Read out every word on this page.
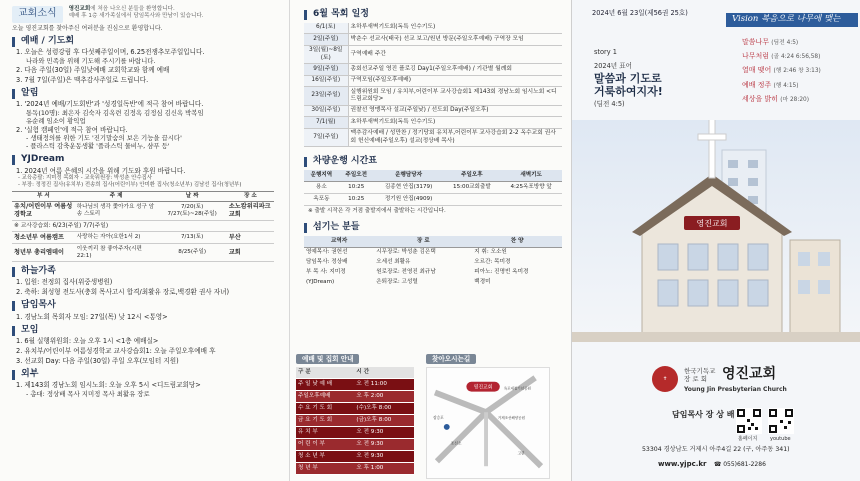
교회소식	영진교회에 처음 나오신 분들을 환영합니다.
예배 후 1층 새가족실에서 담임목사와 만남이 있습니다.
오늘 영진교회를 찾아주신 여러분을 진심으로 환영합니다.
예배 / 기도회
1. 오늘은 성령강림 후 다섯째주일이며, 6.25전쟁추모주일입니다.
나라와 민족을 위해 기도해 주시기를 바랍니다.
2. 다음 주일(30일) 주일낮예배 교회학교와 함께 예배
3. 7월 7일(주일)은 맥추감사주일로 드립니다.
알림
1. '2024년 예배/기도회반'과 '성경일독반'에 적극 참여 바랍니다.
통독(10명): 최은자 김숙자 김옥련 김정옥 김정심 김신옥 박복임
유순례 임소이 황익업
2. '실험 캠페인'에 적극 참여 바랍니다.
- 생태정의를 위한 기도 '진기말숨의 보은 기능을 끕시다'
- 플라스틱 감축운동생활 '플라스틱 물비누, 샴푸 등'
YJDream
1. 2024년 여름 은혜의 시간을 위해 기도와 후원 바랍니다.
- 교육총괄: 지미정 목회자 - 교육위원장: 박성춘 안수집사
- 부장: 정정진 집사(유치부) 전송희 집사(어린이부) 안미환 집사(청소년부) 김남선 집사(청년부)
부 서	주 제	날 짜	장 소
유치/어린이부 여름성경학교	하나님의 생각 쫓아가요 성구 암송 스토리	7/20(토) 7/27(토)~28(주일)	소노캄위리파크 교회
※ 교사강습회: 6/23(주일) 7/7(주일)			
청소년부 여름캠프	사랑하는 자아(요한1서 2)	7/13(토)	부산
청년부 총리엠데이	이웃끼리 참 좋아주자(시편 22:1)	8/25(주일)	교회
하늘가족
1. 입원: 전정희 집사(위중생병원)
2. 축하: 최성형 전도사(충회 목사고시 합격/최활유 장로,백경환 권사 자녀)
담임목사
1. 경남노회 목회자 모임: 27일(목) 낮 12시 <통영>
모임
1. 6월 실행위원회: 오늘 오후 1시 <1층 예배실>
2. 유치부/어린이부 여름성경학교 교사강습회1: 오늘 주일오후예배 후
3. 선교회 Day: 다음 주일(30일) 주일 오후(모임터 지원)
외부
1. 제143회 경남노회 임시노회: 오늘 오후 5시 <디드림교회당>
- 총대: 정상배 목사 지미정 목사 최활유 장로
6월 목회 일정
6/1(토)	초하루새벽기도회(독특 인수기도)
2일(주일)	박춘수 선교사(태국) 선교 보고/원년 방문(주일오후예배) 구역장 모임
3일(월)~8일(토)	구역예배 주간
9일(주일)	총회선교주일 영진 플로깅 Day1(주일오후예배) / 기관별 월례회
16일(주일)	구역모임(주일오후예배)
23일(주일)	실행위원회 모임 / 유치부,어린이부 교사강습회1 제143회 경남노회 임시노회 <디드림교회당>
30일(주일)	권찰선 영맹목사 설교(주일낮) / 선도회 Day(주일오후)
7/1(월)	초하루새벽기도회(독특 인수기도)
7일(주일)	맥추감사예배 / 성만찬 / 정기당회 유치부,어린이부 교사강습회 2-2 옥수교회 권사회 헌신예배(주일오후) 설교(정상배 목사)
차량운행 시간표
운행지역	주일오전	운행담당자	주일오후	새벽기도
용소	10:25	김종현 안집(3179)	15:00교회출발	4:25옥포방향 앞
옥포동	10:25	정기원 안집(4909)		
※ 출발 시작은 각 거점 출발지에서 출발하는 시간입니다.
섬기는 분들
교역자	장 로	찬 양
영예목사: 권헌선	시무장로: 박성춘 김은택	지 휘: 오소원
담임목사: 정상배	오세선 최활유	오르간: 목미경
부 목 사: 지미정	원로장로: 전영진 최규남	피아노: 진명빈 옥미경
(YJDream)	은퇴장로: 고성렬	백경미
예배 및 집회 안내
구 분	시 간
주 일 낮 예 배	오 전 11:00
주일오후예배	오 후 2:00
수 요 기 도 회	(수)오후 8:00
금 요 기 도 회	(금)오후 8:00
유 치 부	오 전 9:30
어 린 이 부	오 전 9:30
청 소 년 부	오 전 9:30
청 년 부	오 후 1:00
찾아오시는길
영진교회	옥포대첩기념공원
거제조선해양공원
장승포
조선소
고현
2024년 6월 23일(제56권 25호)
Vision 복음으로 나무에 맺는
story 1
2024년 표어
말씀과 기도로
거룩하여지자!
(딤전 4:5)
말씀나무 (딤전 4:5)
나무처럼 (골 4:24 6:56,58)
열매 맺어 (행 2:46 창 3:13)
예배 정주 (행 4:15)
세상을 밝히 (마 28:20)
영진교회
✝
한국기독교
장 로 회	영진교회
Young Jin Presbyterian Church
담임목사 장 상 배
홈페이지	youtube
53304 경상남도 거제시 아주4길 22 (구, 아주동 341)
www.yjpc.kr ☎ 055)681-2286
